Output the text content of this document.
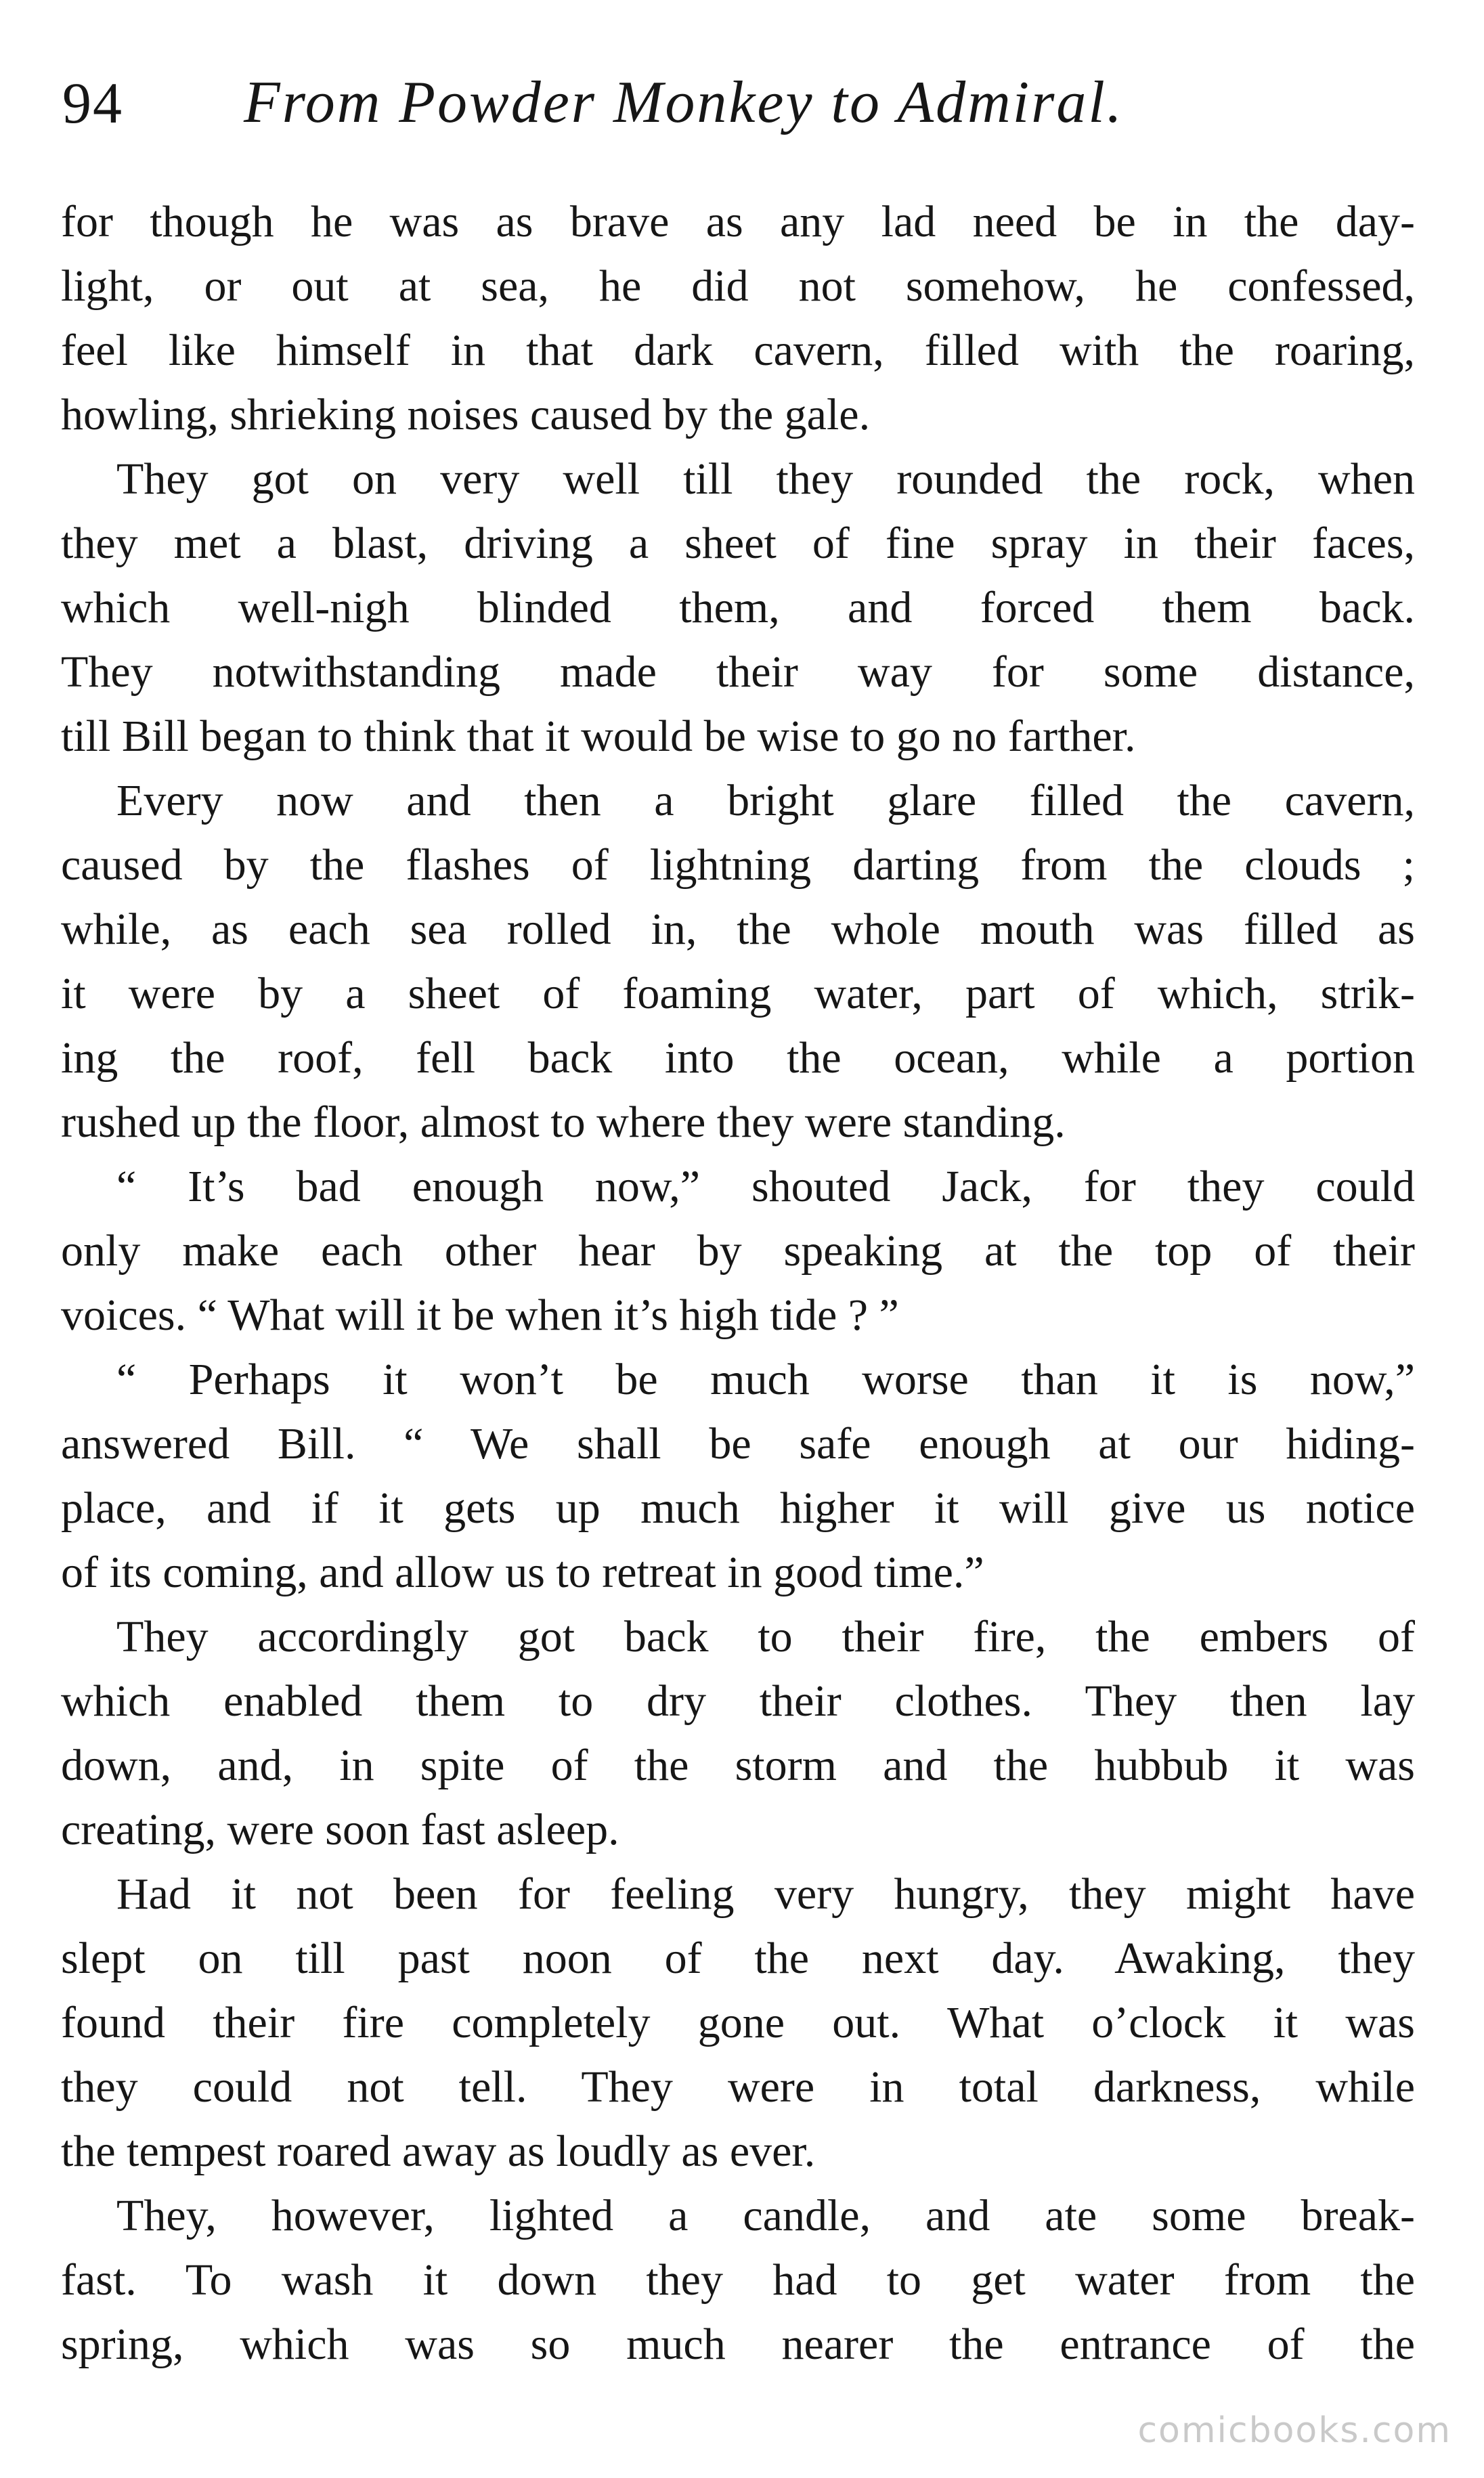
94 From Powder Monkey to Admiral.
for though he was as brave as any lad need be in the day-
light, or out at sea, he did not somehow, he confessed,
feel like himself in that dark cavern, filled with the roaring,
howling, shrieking noises caused by the gale.
They got on very well till they rounded the rock, when
they met a blast, driving a sheet of fine spray in their faces,
which well-nigh blinded them, and forced them back.
They notwithstanding made their way for some distance,
till Bill began to think that it would be wise to go no farther.
Every now and then a bright glare filled the cavern,
caused by the flashes of lightning darting from the clouds ;
while, as each sea rolled in, the whole mouth was filled as
it were by a sheet of foaming water, part of which, strik-
ing the roof, fell back into the ocean, while a portion
rushed up the floor, almost to where they were standing.
“ It’s bad enough now,” shouted Jack, for they could
only make each other hear by speaking at the top of their
voices. “ What will it be when it’s high tide ? ”
“ Perhaps it won’t be much worse than it is now,”
answered Bill. “ We shall be safe enough at our hiding-
place, and if it gets up much higher it will give us notice
of its coming, and allow us to retreat in good time.”
They accordingly got back to their fire, the embers of
which enabled them to dry their clothes. They then lay
down, and, in spite of the storm and the hubbub it was
creating, were soon fast asleep.
Had it not been for feeling very hungry, they might have
slept on till past noon of the next day. Awaking, they
found their fire completely gone out. What o’clock it was
they could not tell. They were in total darkness, while
the tempest roared away as loudly as ever.
They, however, lighted a candle, and ate some break-
fast. To wash it down they had to get water from the
spring, which was so much nearer the entrance of the
comicbooks.com
